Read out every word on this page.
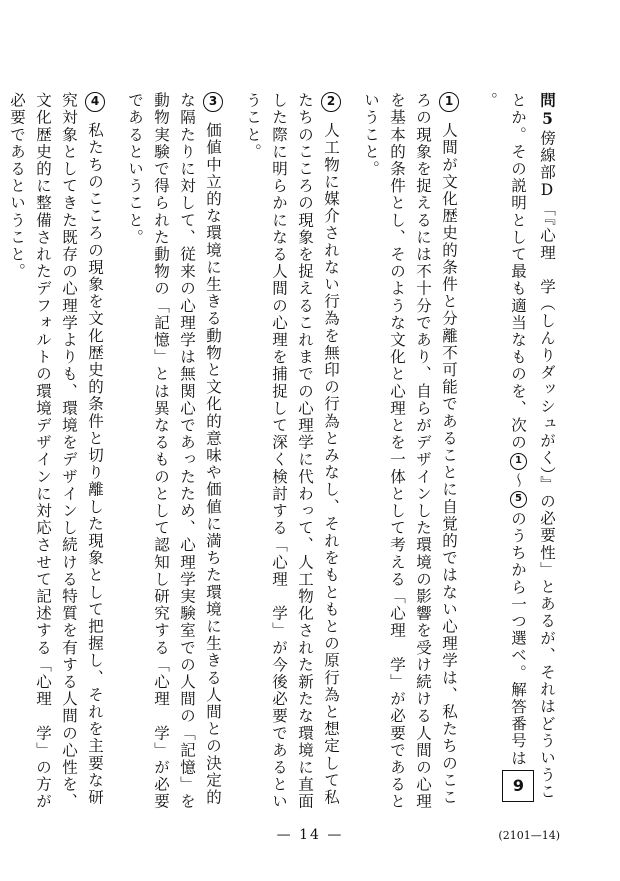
問5傍線部D「『心理　学（しんりダッシュがく）』の必要性」とあるが、それはどういうことか。その説明として最も適当なものを、次の1～5のうちから一つ選べ。解答番号は9。
1人間が文化歴史的条件と分離不可能であることに自覚的ではない心理学は、私たちのこころの現象を捉えるには不十分であり、自らがデザインした環境の影響を受け続ける人間の心理を基本的条件とし、そのような文化と心理とを一体として考える「心理　学」が必要であるということ。
2人工物に媒介されない行為を無印の行為とみなし、それをもともとの原行為と想定して私たちのこころの現象を捉えるこれまでの心理学に代わって、人工物化された新たな環境に直面した際に明らかになる人間の心理を捕捉して深く検討する「心理　学」が今後必要であるということ。
3価値中立的な環境に生きる動物と文化的意味や価値に満ちた環境に生きる人間との決定的な隔たりに対して、従来の心理学は無関心であったため、心理学実験室での人間の「記憶」を動物実験で得られた動物の「記憶」とは異なるものとして認知し研究する「心理　学」が必要であるということ。
4私たちのこころの現象を文化歴史的条件と切り離した現象として把握し、それを主要な研究対象としてきた既存の心理学よりも、環境をデザインし続ける特質を有する人間の心性を、文化歴史的に整備されたデフォルトの環境デザインに対応させて記述する「心理　学」の方が必要であるということ。
— 14 —	(2101—14)
